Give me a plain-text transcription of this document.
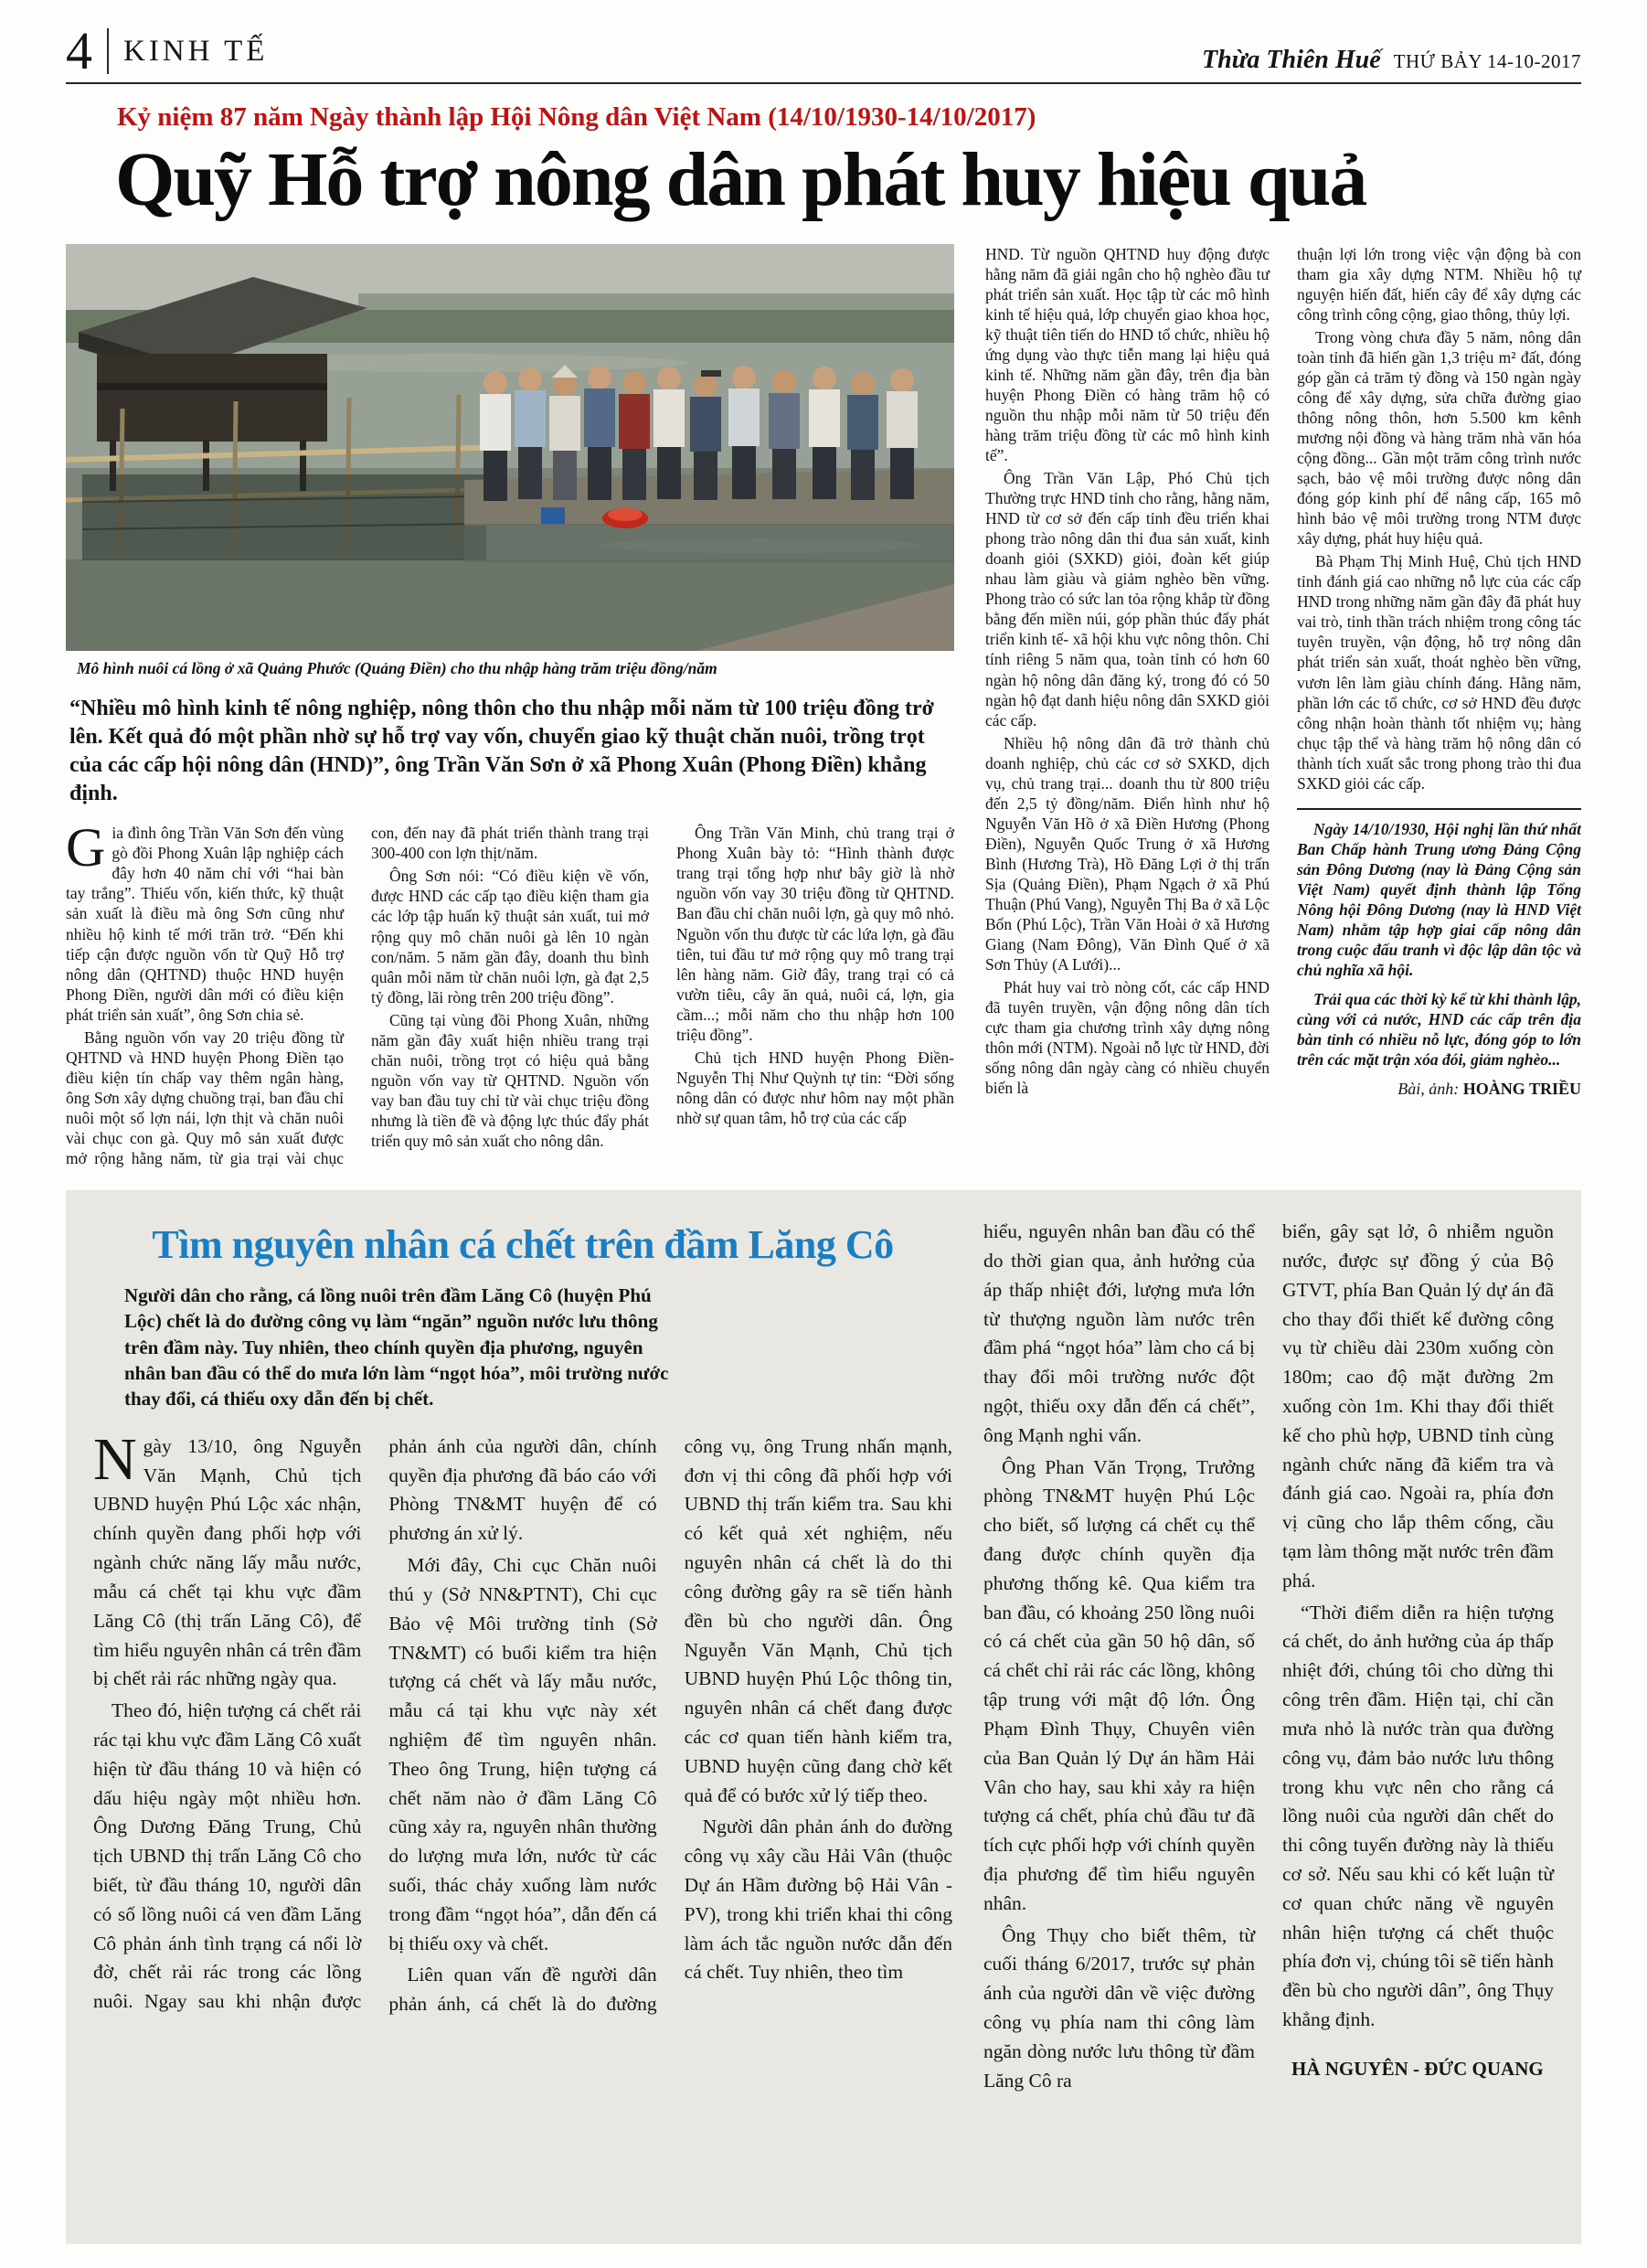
4 KINH TẾ	Thừa Thiên Huế THỨ BẢY 14-10-2017

Kỷ niệm 87 năm Ngày thành lập Hội Nông dân Việt Nam (14/10/1930-14/10/2017)

Quỹ Hỗ trợ nông dân phát huy hiệu quả
Mô hình nuôi cá lồng ở xã Quảng Phước (Quảng Điền) cho thu nhập hàng trăm triệu đồng/năm

“Nhiều mô hình kinh tế nông nghiệp, nông thôn cho thu nhập mỗi năm từ 100 triệu đồng trở lên. Kết quả đó một phần nhờ sự hỗ trợ vay vốn, chuyển giao kỹ thuật chăn nuôi, trồng trọt của các cấp hội nông dân (HND)”, ông Trần Văn Sơn ở xã Phong Xuân (Phong Điền) khẳng định.

Gia đình ông Trần Văn Sơn đến vùng gò đồi Phong Xuân lập nghiệp cách đây hơn 40 năm chỉ với “hai bàn tay trắng”. Thiếu vốn, kiến thức, kỹ thuật sản xuất là điều mà ông Sơn cũng như nhiều hộ kinh tế mới trăn trở. “Đến khi tiếp cận được nguồn vốn từ Quỹ Hỗ trợ nông dân (QHTND) thuộc HND huyện Phong Điền, người dân mới có điều kiện phát triển sản xuất”, ông Sơn chia sẻ.

Bằng nguồn vốn vay 20 triệu đồng từ QHTND và HND huyện Phong Điền tạo điều kiện tín chấp vay thêm ngân hàng, ông Sơn xây dựng chuồng trại, ban đầu chỉ nuôi một số lợn nái, lợn thịt và chăn nuôi vài chục con gà. Quy mô sản xuất được mở rộng hằng năm, từ gia trại vài chục con, đến nay đã phát triển thành trang trại 300-400 con lợn thịt/năm.

Ông Sơn nói: “Có điều kiện về vốn, được HND các cấp tạo điều kiện tham gia các lớp tập huấn kỹ thuật sản xuất, tui mở rộng quy mô chăn nuôi gà lên 10 ngàn con/năm. 5 năm gần đây, doanh thu bình quân mỗi năm từ chăn nuôi lợn, gà đạt 2,5 tỷ đồng, lãi ròng trên 200 triệu đồng”.

Cũng tại vùng đồi Phong Xuân, những năm gần đây xuất hiện nhiều trang trại chăn nuôi, trồng trọt có hiệu quả bằng nguồn vốn vay từ QHTND. Nguồn vốn vay ban đầu tuy chỉ từ vài chục triệu đồng nhưng là tiền đề và động lực thúc đẩy phát triển quy mô sản xuất cho nông dân.

Ông Trần Văn Minh, chủ trang trại ở Phong Xuân bày tỏ: “Hình thành được trang trại tổng hợp như bây giờ là nhờ nguồn vốn vay 30 triệu đồng từ QHTND. Ban đầu chỉ chăn nuôi lợn, gà quy mô nhỏ. Nguồn vốn thu được từ các lứa lợn, gà đầu tiên, tui đầu tư mở rộng quy mô trang trại lên hàng năm. Giờ đây, trang trại có cả vườn tiêu, cây ăn quả, nuôi cá, lợn, gia cầm...; mỗi năm cho thu nhập hơn 100 triệu đồng”.

Chủ tịch HND huyện Phong Điền- Nguyễn Thị Như Quỳnh tự tin: “Đời sống nông dân có được như hôm nay một phần nhờ sự quan tâm, hỗ trợ của các cấp

HND. Từ nguồn QHTND huy động được hằng năm đã giải ngân cho hộ nghèo đầu tư phát triển sản xuất. Học tập từ các mô hình kinh tế hiệu quả, lớp chuyển giao khoa học, kỹ thuật tiên tiến do HND tổ chức, nhiều hộ ứng dụng vào thực tiễn mang lại hiệu quả kinh tế. Những năm gần đây, trên địa bàn huyện Phong Điền có hàng trăm hộ có nguồn thu nhập mỗi năm từ 50 triệu đến hàng trăm triệu đồng từ các mô hình kinh tế”.

Ông Trần Văn Lập, Phó Chủ tịch Thường trực HND tỉnh cho rằng, hằng năm, HND từ cơ sở đến cấp tỉnh đều triển khai phong trào nông dân thi đua sản xuất, kinh doanh giỏi (SXKD) giỏi, đoàn kết giúp nhau làm giàu và giảm nghèo bền vững. Phong trào có sức lan tỏa rộng khắp từ đồng bằng đến miền núi, góp phần thúc đẩy phát triển kinh tế- xã hội khu vực nông thôn. Chỉ tính riêng 5 năm qua, toàn tỉnh có hơn 60 ngàn hộ nông dân đăng ký, trong đó có 50 ngàn hộ đạt danh hiệu nông dân SXKD giỏi các cấp.

Nhiều hộ nông dân đã trở thành chủ doanh nghiệp, chủ các cơ sở SXKD, dịch vụ, chủ trang trại... doanh thu từ 800 triệu đến 2,5 tỷ đồng/năm. Điển hình như hộ Nguyễn Văn Hồ ở xã Điền Hương (Phong Điền), Nguyễn Quốc Trung ở xã Hương Bình (Hương Trà), Hồ Đăng Lợi ở thị trấn Sịa (Quảng Điền), Phạm Ngạch ở xã Phú Thuận (Phú Vang), Nguyễn Thị Ba ở xã Lộc Bổn (Phú Lộc), Trần Văn Hoài ở xã Hương Giang (Nam Đông), Văn Đình Quế ở xã Sơn Thủy (A Lưới)...

Phát huy vai trò nòng cốt, các cấp HND đã tuyên truyền, vận động nông dân tích cực tham gia chương trình xây dựng nông thôn mới (NTM). Ngoài nỗ lực từ HND, đời sống nông dân ngày càng có nhiều chuyển biến là

thuận lợi lớn trong việc vận động bà con tham gia xây dựng NTM. Nhiều hộ tự nguyện hiến đất, hiến cây để xây dựng các công trình công cộng, giao thông, thủy lợi.

Trong vòng chưa đầy 5 năm, nông dân toàn tỉnh đã hiến gần 1,3 triệu m² đất, đóng góp gần cả trăm tỷ đồng và 150 ngàn ngày công để xây dựng, sửa chữa đường giao thông nông thôn, hơn 5.500 km kênh mương nội đồng và hàng trăm nhà văn hóa cộng đồng... Gần một trăm công trình nước sạch, bảo vệ môi trường được nông dân đóng góp kinh phí để nâng cấp, 165 mô hình bảo vệ môi trường trong NTM được xây dựng, phát huy hiệu quả.

Bà Phạm Thị Minh Huệ, Chủ tịch HND tỉnh đánh giá cao những nỗ lực của các cấp HND trong những năm gần đây đã phát huy vai trò, tinh thần trách nhiệm trong công tác tuyên truyền, vận động, hỗ trợ nông dân phát triển sản xuất, thoát nghèo bền vững, vươn lên làm giàu chính đáng. Hằng năm, phần lớn các tổ chức, cơ sở HND đều được công nhận hoàn thành tốt nhiệm vụ; hàng chục tập thể và hàng trăm hộ nông dân có thành tích xuất sắc trong phong trào thi đua SXKD giỏi các cấp.

Ngày 14/10/1930, Hội nghị lần thứ nhất Ban Chấp hành Trung ương Đảng Cộng sản Đông Dương (nay là Đảng Cộng sản Việt Nam) quyết định thành lập Tổng Nông hội Đông Dương (nay là HND Việt Nam) nhằm tập hợp giai cấp nông dân trong cuộc đấu tranh vì độc lập dân tộc và chủ nghĩa xã hội.

Trải qua các thời kỳ kể từ khi thành lập, cùng với cả nước, HND các cấp trên địa bàn tỉnh có nhiều nỗ lực, đóng góp to lớn trên các mặt trận xóa đói, giảm nghèo...

Bài, ảnh: HOÀNG TRIỀU

Tìm nguyên nhân cá chết trên đầm Lăng Cô

Người dân cho rằng, cá lồng nuôi trên đầm Lăng Cô (huyện Phú Lộc) chết là do đường công vụ làm “ngăn” nguồn nước lưu thông trên đầm này. Tuy nhiên, theo chính quyền địa phương, nguyên nhân ban đầu có thể do mưa lớn làm “ngọt hóa”, môi trường nước thay đổi, cá thiếu oxy dẫn đến bị chết.

Ngày 13/10, ông Nguyễn Văn Mạnh, Chủ tịch UBND huyện Phú Lộc xác nhận, chính quyền đang phối hợp với ngành chức năng lấy mẫu nước, mẫu cá chết tại khu vực đầm Lăng Cô (thị trấn Lăng Cô), để tìm hiểu nguyên nhân cá trên đầm bị chết rải rác những ngày qua.

Theo đó, hiện tượng cá chết rải rác tại khu vực đầm Lăng Cô xuất hiện từ đầu tháng 10 và hiện có dấu hiệu ngày một nhiều hơn. Ông Dương Đăng Trung, Chủ tịch UBND thị trấn Lăng Cô cho biết, từ đầu tháng 10, người dân có số lồng nuôi cá ven đầm Lăng Cô phản ánh tình trạng cá nổi lờ đờ, chết rải rác trong các lồng nuôi. Ngay sau khi nhận được phản ánh của người dân, chính quyền địa phương đã báo cáo với Phòng TN&MT huyện để có phương án xử lý.

Mới đây, Chi cục Chăn nuôi thú y (Sở NN&PTNT), Chi cục Bảo vệ Môi trường tỉnh (Sở TN&MT) có buổi kiểm tra hiện tượng cá chết và lấy mẫu nước, mẫu cá tại khu vực này xét nghiệm để tìm nguyên nhân. Theo ông Trung, hiện tượng cá chết năm nào ở đầm Lăng Cô cũng xảy ra, nguyên nhân thường do lượng mưa lớn, nước từ các suối, thác chảy xuống làm nước trong đầm “ngọt hóa”, dẫn đến cá bị thiếu oxy và chết.

Liên quan vấn đề người dân phản ánh, cá chết là do đường công vụ, ông Trung nhấn mạnh, đơn vị thi công đã phối hợp với UBND thị trấn kiểm tra. Sau khi có kết quả xét nghiệm, nếu nguyên nhân cá chết là do thi công đường gây ra sẽ tiến hành đền bù cho người dân. Ông Nguyễn Văn Mạnh, Chủ tịch UBND huyện Phú Lộc thông tin, nguyên nhân cá chết đang được các cơ quan tiến hành kiểm tra, UBND huyện cũng đang chờ kết quả để có bước xử lý tiếp theo.

Người dân phản ánh do đường công vụ xây cầu Hải Vân (thuộc Dự án Hầm đường bộ Hải Vân - PV), trong khi triển khai thi công làm ách tắc nguồn nước dẫn đến cá chết. Tuy nhiên, theo tìm

hiểu, nguyên nhân ban đầu có thể do thời gian qua, ảnh hưởng của áp thấp nhiệt đới, lượng mưa lớn từ thượng nguồn làm nước trên đầm phá “ngọt hóa” làm cho cá bị thay đổi môi trường nước đột ngột, thiếu oxy dẫn đến cá chết”, ông Mạnh nghi vấn.

Ông Phan Văn Trọng, Trưởng phòng TN&MT huyện Phú Lộc cho biết, số lượng cá chết cụ thể đang được chính quyền địa phương thống kê. Qua kiểm tra ban đầu, có khoảng 250 lồng nuôi có cá chết của gần 50 hộ dân, số cá chết chỉ rải rác các lồng, không tập trung với mật độ lớn. Ông Phạm Đình Thụy, Chuyên viên của Ban Quản lý Dự án hầm Hải Vân cho hay, sau khi xảy ra hiện tượng cá chết, phía chủ đầu tư đã tích cực phối hợp với chính quyền địa phương để tìm hiểu nguyên nhân.

Ông Thụy cho biết thêm, từ cuối tháng 6/2017, trước sự phản ánh của người dân về việc đường công vụ phía nam thi công làm ngăn dòng nước lưu thông từ đầm Lăng Cô ra

biển, gây sạt lở, ô nhiễm nguồn nước, được sự đồng ý của Bộ GTVT, phía Ban Quản lý dự án đã cho thay đổi thiết kế đường công vụ từ chiều dài 230m xuống còn 180m; cao độ mặt đường 2m xuống còn 1m. Khi thay đổi thiết kế cho phù hợp, UBND tỉnh cùng ngành chức năng đã kiểm tra và đánh giá cao. Ngoài ra, phía đơn vị cũng cho lắp thêm cống, cầu tạm làm thông mặt nước trên đầm phá.

“Thời điểm diễn ra hiện tượng cá chết, do ảnh hưởng của áp thấp nhiệt đới, chúng tôi cho dừng thi công trên đầm. Hiện tại, chỉ cần mưa nhỏ là nước tràn qua đường công vụ, đảm bảo nước lưu thông trong khu vực nên cho rằng cá lồng nuôi của người dân chết do thi công tuyến đường này là thiếu cơ sở. Nếu sau khi có kết luận từ cơ quan chức năng về nguyên nhân hiện tượng cá chết thuộc phía đơn vị, chúng tôi sẽ tiến hành đền bù cho người dân”, ông Thụy khẳng định.

HÀ NGUYÊN - ĐỨC QUANG
